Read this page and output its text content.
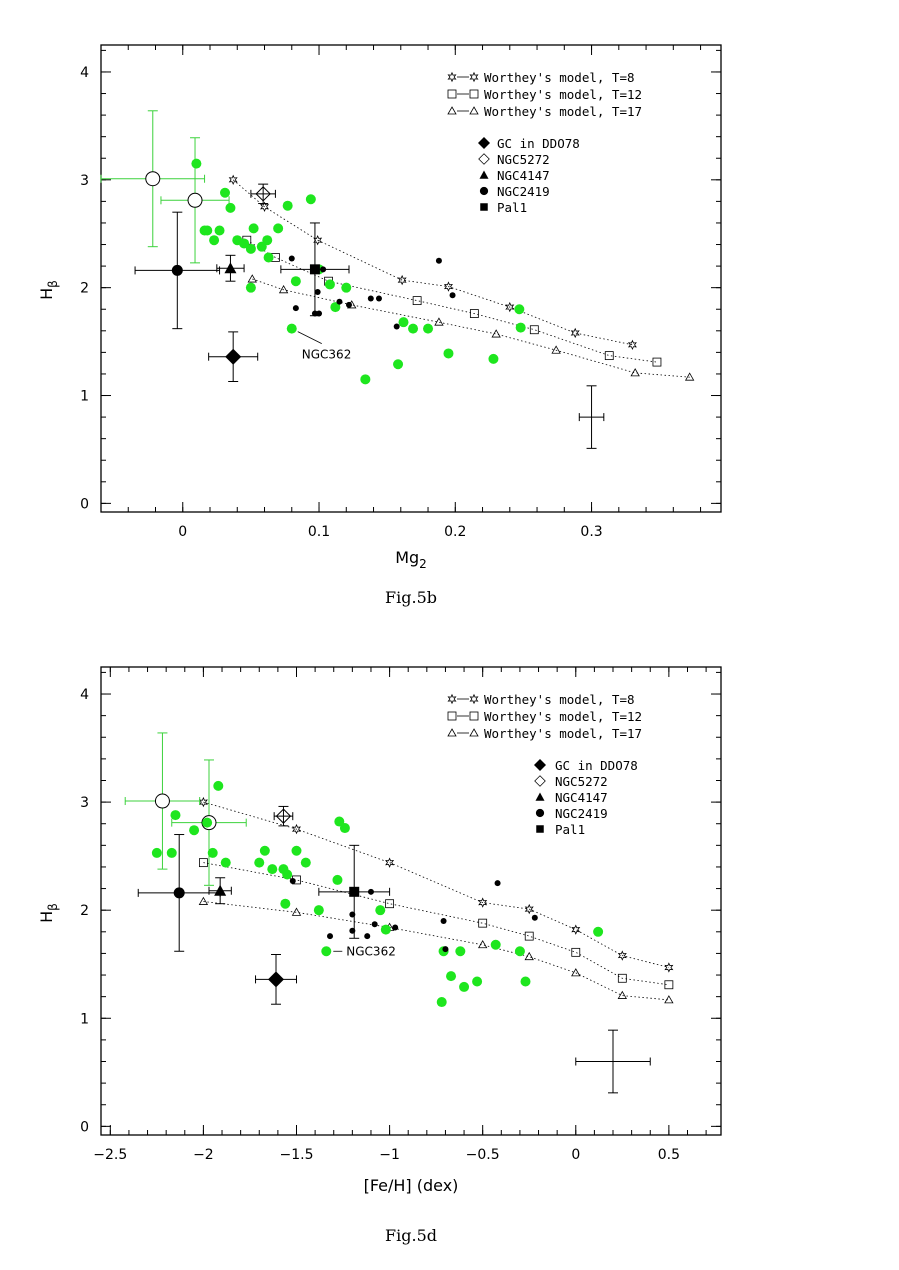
0	0.1	0.2	0.3
0
1
2
3
4
$Mg_2$
$H_\beta$
Fig.5b
NGC362
Worthey's model, T=8
Worthey's model, T=12
Worthey's model, T=17
GC in DDO78
NGC5272
NGC4147
NGC2419
Pal1
−2.5	−2	−1.5	−1	−0.5	0	0.5
0
1
2
3
4
[Fe/H] (dex)
$H_\beta$
Fig.5d
NGC362
Worthey's model, T=8
Worthey's model, T=12
Worthey's model, T=17
GC in DDO78
NGC5272
NGC4147
NGC2419
Pal1
